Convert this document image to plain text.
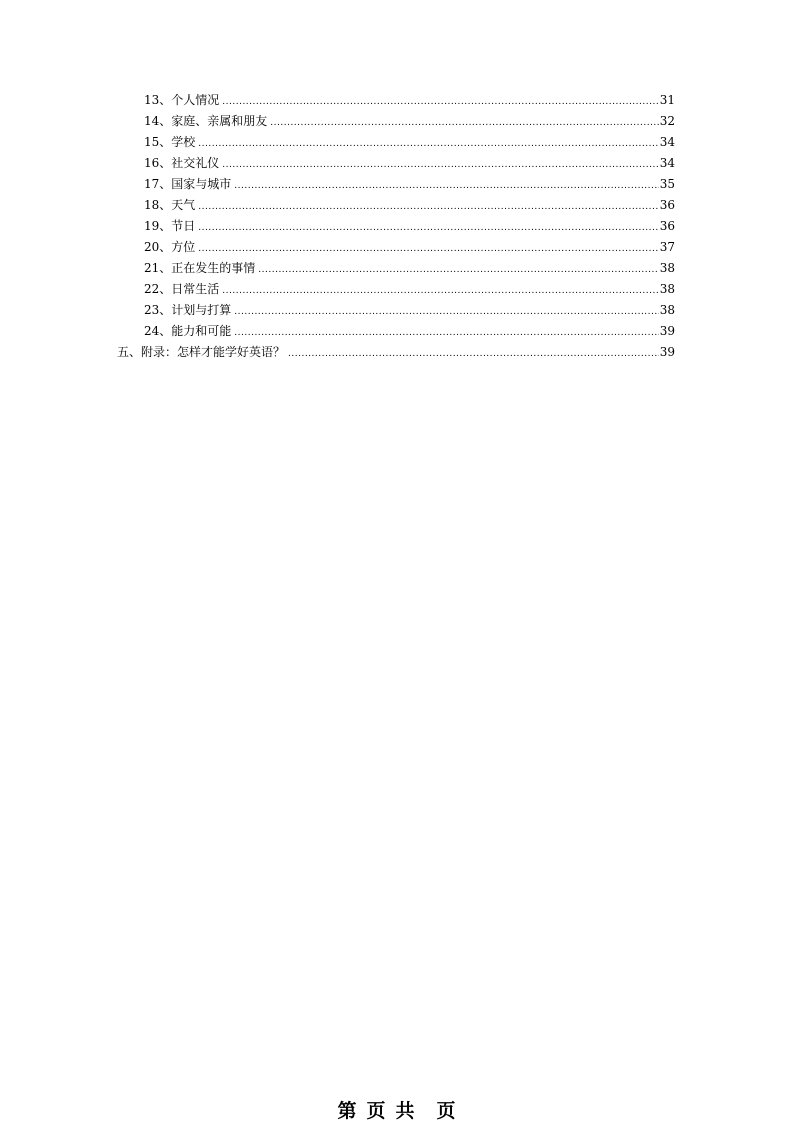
13、个人情况 .....	31
14、家庭、亲属和朋友 .....	32
15、学校 .....	34
16、社交礼仪 .....	34
17、国家与城市 .....	35
18、天气 .....	36
19、节日 .....	36
20、方位 .....	37
21、正在发生的事情 .....	38
22、日常生活 .....	38
23、计划与打算 .....	38
24、能力和可能 .....	39
五、附录：怎样才能学好英语？ .....	39
第 页 共 页
